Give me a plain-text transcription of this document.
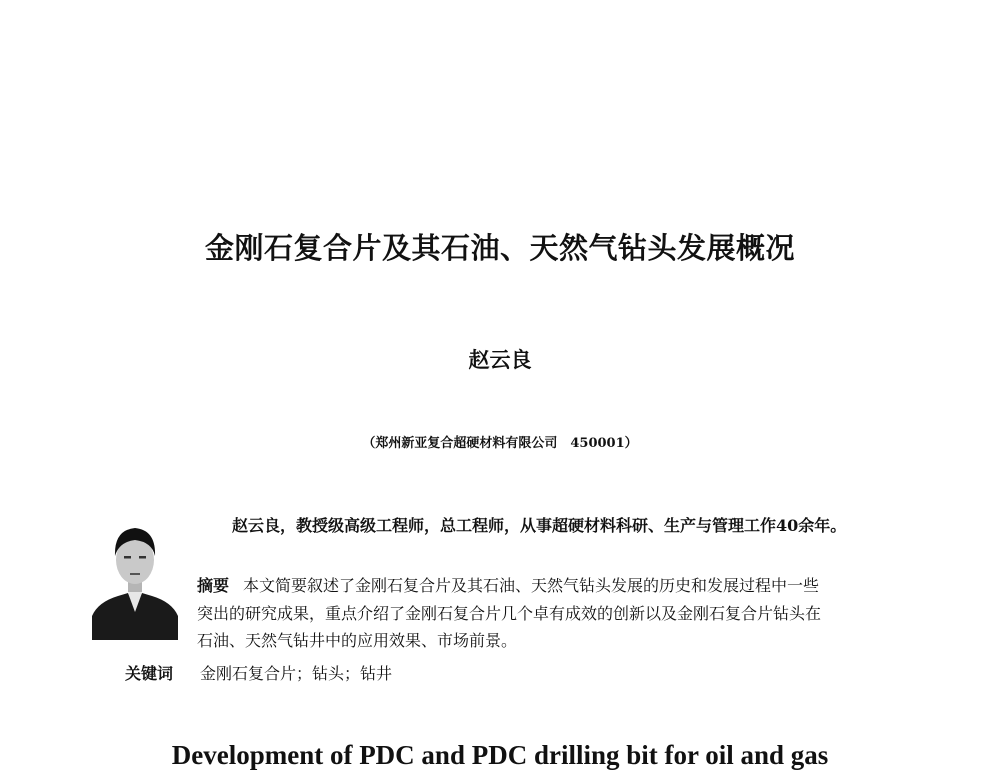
金刚石复合片及其石油、天然气钻头发展概况
赵云良
（郑州新亚复合超硬材料有限公司　450001）
赵云良，教授级高级工程师，总工程师，从事超硬材料科研、生产与管理工作40余年。
摘要 本文简要叙述了金刚石复合片及其石油、天然气钻头发展的历史和发展过程中一些
突出的研究成果，重点介绍了金刚石复合片几个卓有成效的创新以及金刚石复合片钻头在
石油、天然气钻井中的应用效果、市场前景。
关键词 金刚石复合片；钻头；钻井
Development of PDC and PDC drilling bit for oil and gas
